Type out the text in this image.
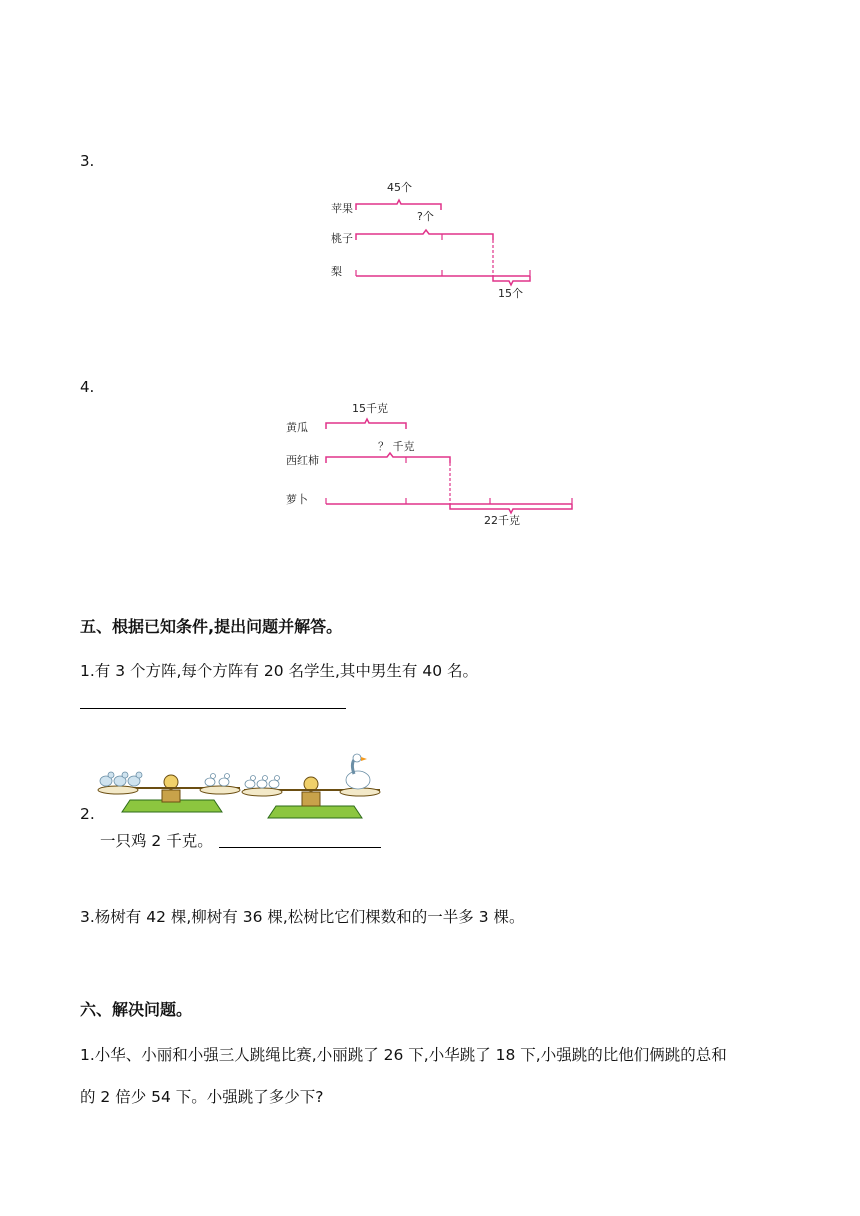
3.
苹果
桃子
梨
45个
?个
15个
4.
黄瓜
西红柿
萝卜
15千克
？ 千克
22千克
五、根据已知条件,提出问题并解答。
1.有 3 个方阵,每个方阵有 20 名学生,其中男生有 40 名。
2.
一只鸡 2 千克。
3.杨树有 42 棵,柳树有 36 棵,松树比它们棵数和的一半多 3 棵。
六、解决问题。
1.小华、小丽和小强三人跳绳比赛,小丽跳了 26 下,小华跳了 18 下,小强跳的比他们俩跳的总和
的 2 倍少 54 下。小强跳了多少下?
